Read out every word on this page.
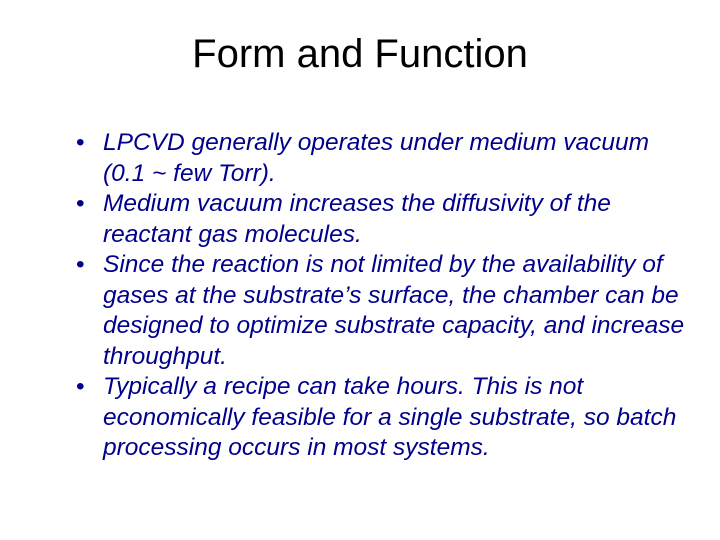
Form and Function
• LPCVD generally operates under medium vacuum (0.1 ~ few Torr).
• Medium vacuum increases the diffusivity of the reactant gas molecules.
• Since the reaction is not limited by the availability of gases at the substrate’s surface, the chamber can be designed to optimize substrate capacity, and increase throughput.
• Typically a recipe can take hours. This is not economically feasible for a single substrate, so batch processing occurs in most systems.
